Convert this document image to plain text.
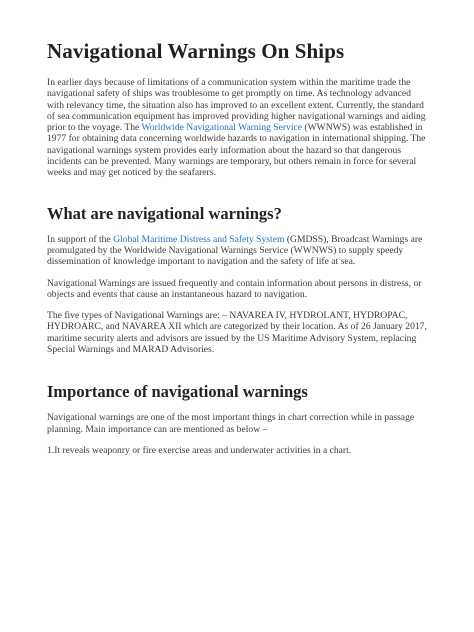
Navigational Warnings On Ships

In earlier days because of limitations of a communication system within the maritime trade the navigational safety of ships was troublesome to get promptly on time. As technology advanced with relevancy time, the situation also has improved to an excellent extent. Currently, the standard of sea communication equipment has improved providing higher navigational warnings and aiding prior to the voyage. The Worldwide Navigational Warning Service (WWNWS) was established in 1977 for obtaining data concerning worldwide hazards to navigation in international shipping. The navigational warnings system provides early information about the hazard so that dangerous incidents can be prevented. Many warnings are temporary, but others remain in force for several weeks and may get noticed by the seafarers.

What are navigational warnings?

In support of the Global Maritime Distress and Safety System (GMDSS), Broadcast Warnings are promulgated by the Worldwide Navigational Warnings Service (WWNWS) to supply speedy dissemination of knowledge important to navigation and the safety of life at sea.

Navigational Warnings are issued frequently and contain information about persons in distress, or objects and events that cause an instantaneous hazard to navigation.

The five types of Navigational Warnings are: – NAVAREA IV, HYDROLANT, HYDROPAC, HYDROARC, and NAVAREA XII which are categorized by their location. As of 26 January 2017, maritime security alerts and advisors are issued by the US Maritime Advisory System, replacing Special Warnings and MARAD Advisories.

Importance of navigational warnings

Navigational warnings are one of the most important things in chart correction while in passage planning. Main importance can are mentioned as below –

1.It reveals weaponry or fire exercise areas and underwater activities in a chart.
